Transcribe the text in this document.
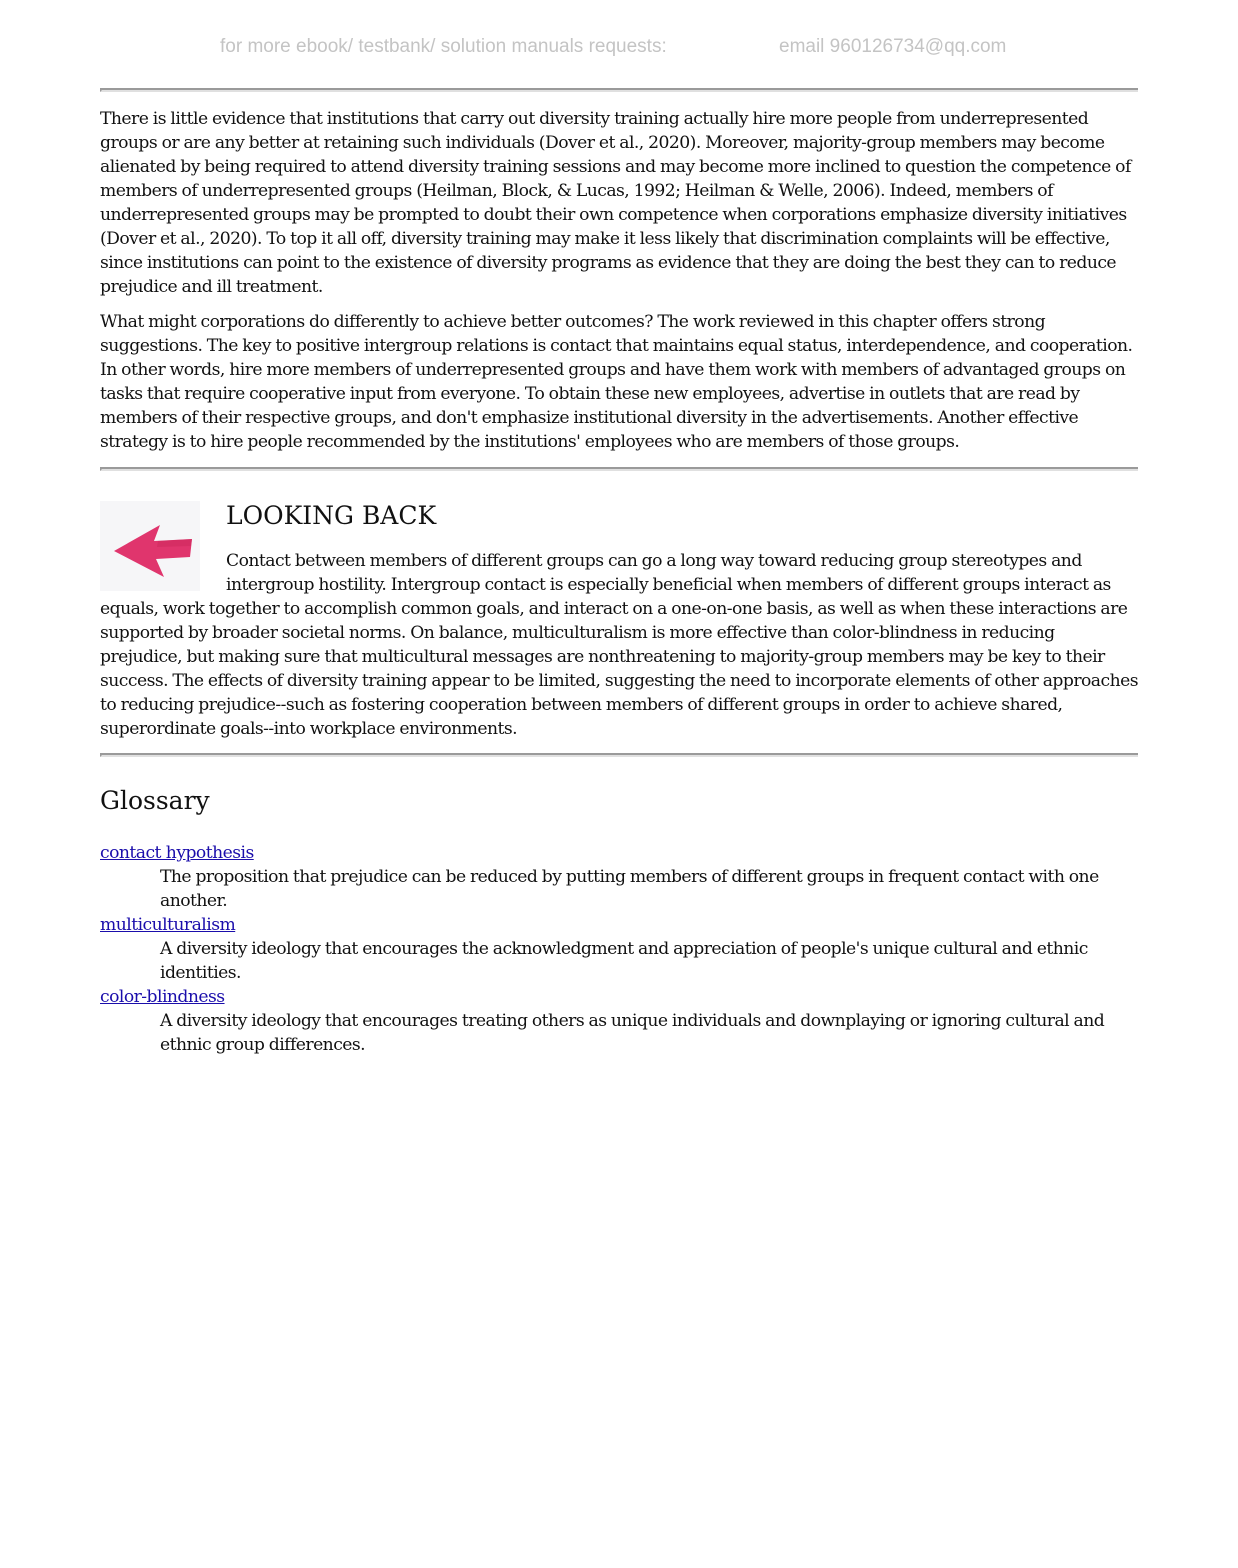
for more ebook/ testbank/ solution manuals requests:	email 960126734@qq.com

There is little evidence that institutions that carry out diversity training actually hire more people from underrepresented groups or are any better at retaining such individuals (Dover et al., 2020). Moreover, majority-group members may become alienated by being required to attend diversity training sessions and may become more inclined to question the competence of members of underrepresented groups (Heilman, Block, & Lucas, 1992; Heilman & Welle, 2006). Indeed, members of underrepresented groups may be prompted to doubt their own competence when corporations emphasize diversity initiatives (Dover et al., 2020). To top it all off, diversity training may make it less likely that discrimination complaints will be effective, since institutions can point to the existence of diversity programs as evidence that they are doing the best they can to reduce prejudice and ill treatment.

What might corporations do differently to achieve better outcomes? The work reviewed in this chapter offers strong suggestions. The key to positive intergroup relations is contact that maintains equal status, interdependence, and cooperation. In other words, hire more members of underrepresented groups and have them work with members of advantaged groups on tasks that require cooperative input from everyone. To obtain these new employees, advertise in outlets that are read by members of their respective groups, and don't emphasize institutional diversity in the advertisements. Another effective strategy is to hire people recommended by the institutions' employees who are members of those groups.

LOOKING BACK

Contact between members of different groups can go a long way toward reducing group stereotypes and intergroup hostility. Intergroup contact is especially beneficial when members of different groups interact as equals, work together to accomplish common goals, and interact on a one-on-one basis, as well as when these interactions are supported by broader societal norms. On balance, multiculturalism is more effective than color-blindness in reducing prejudice, but making sure that multicultural messages are nonthreatening to majority-group members may be key to their success. The effects of diversity training appear to be limited, suggesting the need to incorporate elements of other approaches to reducing prejudice--such as fostering cooperation between members of different groups in order to achieve shared, superordinate goals--into workplace environments.

Glossary
contact hypothesis
The proposition that prejudice can be reduced by putting members of different groups in frequent contact with one another.
multiculturalism
A diversity ideology that encourages the acknowledgment and appreciation of people's unique cultural and ethnic identities.
color-blindness
A diversity ideology that encourages treating others as unique individuals and downplaying or ignoring cultural and ethnic group differences.
